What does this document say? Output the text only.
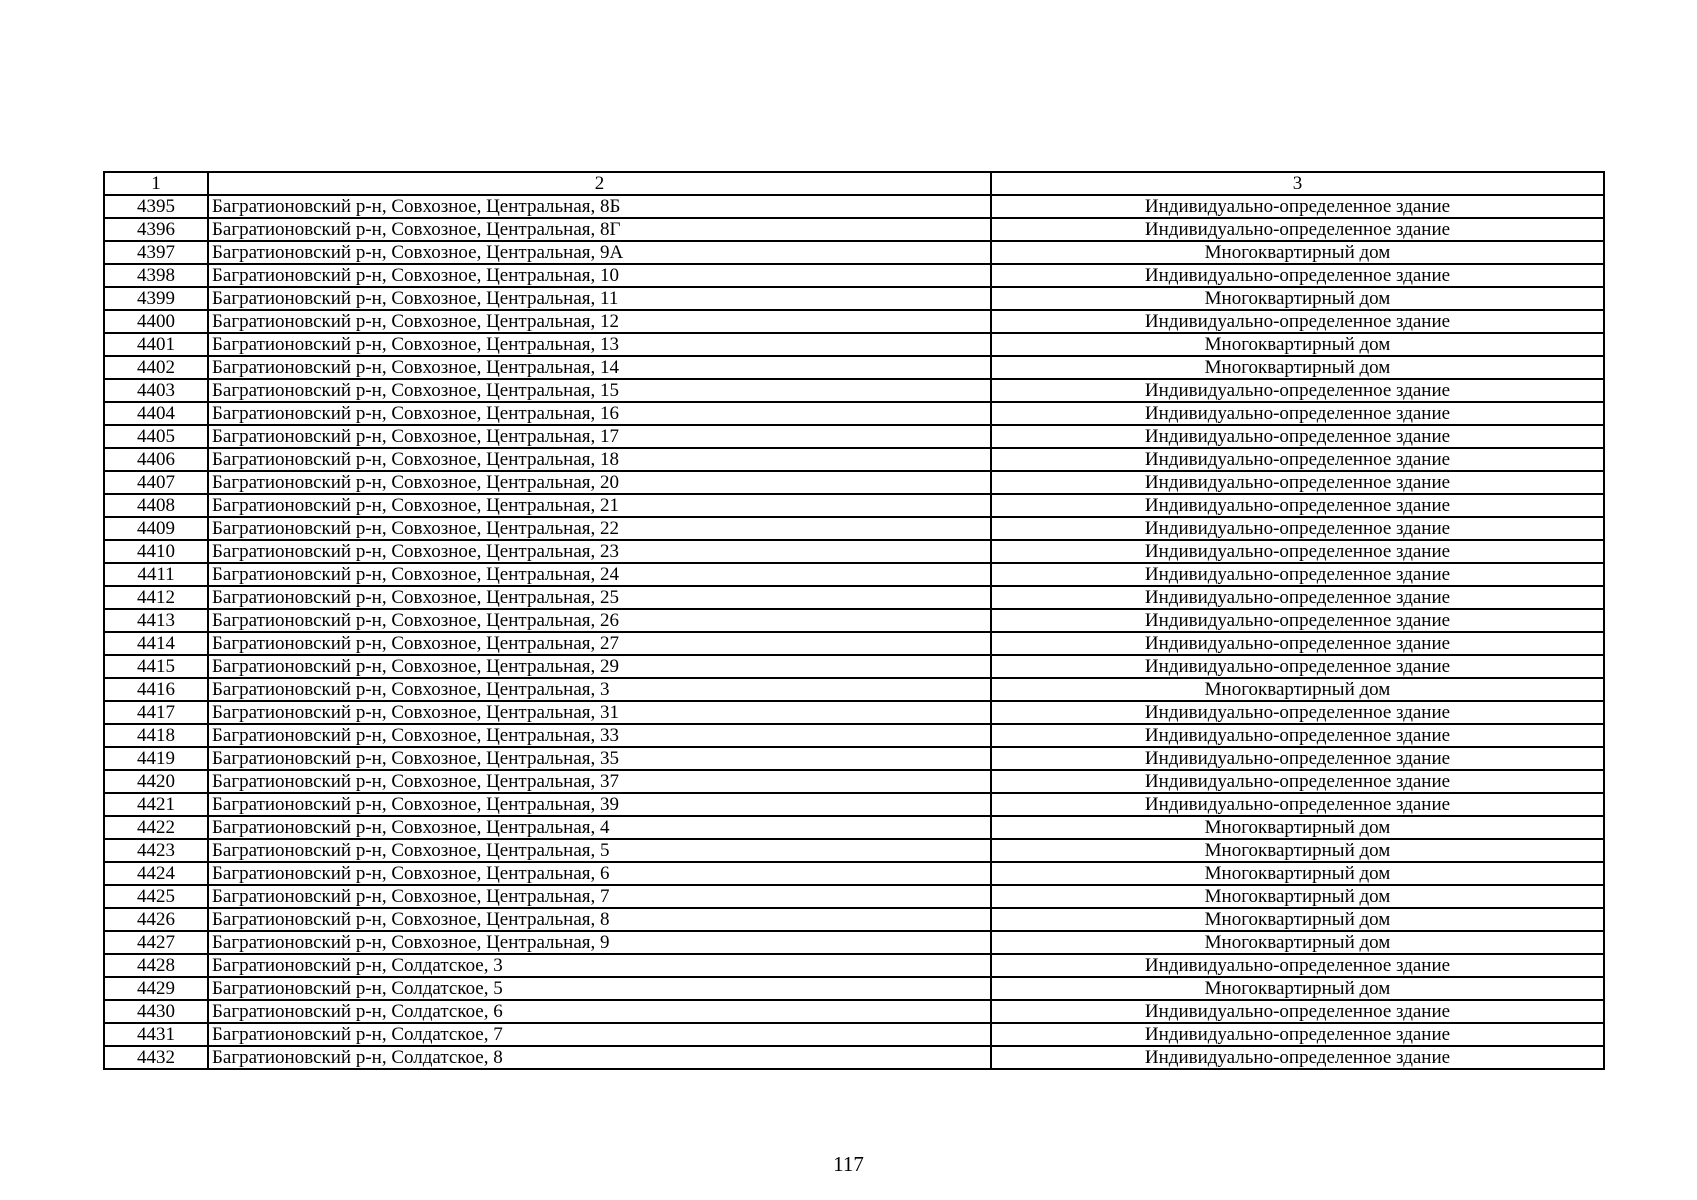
1	2	3
4395	Багратионовский р-н, Совхозное, Центральная, 8Б	Индивидуально-определенное здание
4396	Багратионовский р-н, Совхозное, Центральная, 8Г	Индивидуально-определенное здание
4397	Багратионовский р-н, Совхозное, Центральная, 9А	Многоквартирный дом
4398	Багратионовский р-н, Совхозное, Центральная, 10	Индивидуально-определенное здание
4399	Багратионовский р-н, Совхозное, Центральная, 11	Многоквартирный дом
4400	Багратионовский р-н, Совхозное, Центральная, 12	Индивидуально-определенное здание
4401	Багратионовский р-н, Совхозное, Центральная, 13	Многоквартирный дом
4402	Багратионовский р-н, Совхозное, Центральная, 14	Многоквартирный дом
4403	Багратионовский р-н, Совхозное, Центральная, 15	Индивидуально-определенное здание
4404	Багратионовский р-н, Совхозное, Центральная, 16	Индивидуально-определенное здание
4405	Багратионовский р-н, Совхозное, Центральная, 17	Индивидуально-определенное здание
4406	Багратионовский р-н, Совхозное, Центральная, 18	Индивидуально-определенное здание
4407	Багратионовский р-н, Совхозное, Центральная, 20	Индивидуально-определенное здание
4408	Багратионовский р-н, Совхозное, Центральная, 21	Индивидуально-определенное здание
4409	Багратионовский р-н, Совхозное, Центральная, 22	Индивидуально-определенное здание
4410	Багратионовский р-н, Совхозное, Центральная, 23	Индивидуально-определенное здание
4411	Багратионовский р-н, Совхозное, Центральная, 24	Индивидуально-определенное здание
4412	Багратионовский р-н, Совхозное, Центральная, 25	Индивидуально-определенное здание
4413	Багратионовский р-н, Совхозное, Центральная, 26	Индивидуально-определенное здание
4414	Багратионовский р-н, Совхозное, Центральная, 27	Индивидуально-определенное здание
4415	Багратионовский р-н, Совхозное, Центральная, 29	Индивидуально-определенное здание
4416	Багратионовский р-н, Совхозное, Центральная, 3	Многоквартирный дом
4417	Багратионовский р-н, Совхозное, Центральная, 31	Индивидуально-определенное здание
4418	Багратионовский р-н, Совхозное, Центральная, 33	Индивидуально-определенное здание
4419	Багратионовский р-н, Совхозное, Центральная, 35	Индивидуально-определенное здание
4420	Багратионовский р-н, Совхозное, Центральная, 37	Индивидуально-определенное здание
4421	Багратионовский р-н, Совхозное, Центральная, 39	Индивидуально-определенное здание
4422	Багратионовский р-н, Совхозное, Центральная, 4	Многоквартирный дом
4423	Багратионовский р-н, Совхозное, Центральная, 5	Многоквартирный дом
4424	Багратионовский р-н, Совхозное, Центральная, 6	Многоквартирный дом
4425	Багратионовский р-н, Совхозное, Центральная, 7	Многоквартирный дом
4426	Багратионовский р-н, Совхозное, Центральная, 8	Многоквартирный дом
4427	Багратионовский р-н, Совхозное, Центральная, 9	Многоквартирный дом
4428	Багратионовский р-н, Солдатское, 3	Индивидуально-определенное здание
4429	Багратионовский р-н, Солдатское, 5	Многоквартирный дом
4430	Багратионовский р-н, Солдатское, 6	Индивидуально-определенное здание
4431	Багратионовский р-н, Солдатское, 7	Индивидуально-определенное здание
4432	Багратионовский р-н, Солдатское, 8	Индивидуально-определенное здание
117
